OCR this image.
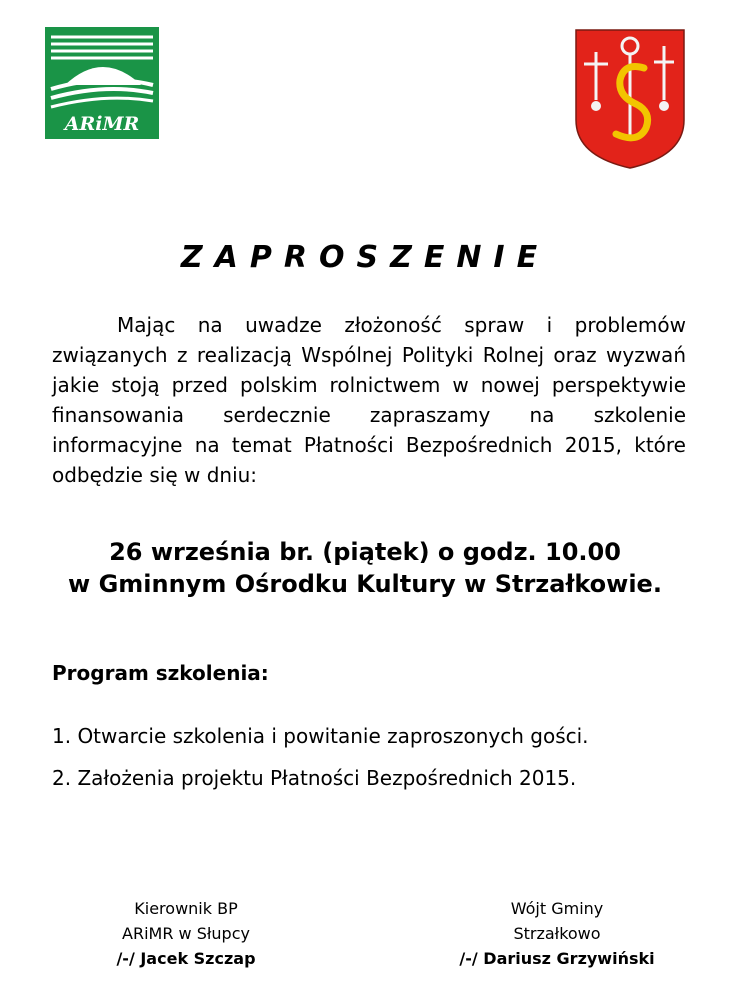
ARiMR
ZAPROSZENIE

Mając na uwadze złożoność spraw i problemów związanych z realizacją Wspólnej Polityki Rolnej oraz wyzwań jakie stoją przed polskim rolnictwem w nowej perspektywie finansowania serdecznie zapraszamy na szkolenie informacyjne na temat Płatności Bezpośrednich 2015, które odbędzie się w dniu:

26 września br. (piątek) o godz. 10.00
w Gminnym Ośrodku Kultury w Strzałkowie.

Program szkolenia:

1. Otwarcie szkolenia i powitanie zaproszonych gości.
2. Założenia projektu Płatności Bezpośrednich 2015.
Kierownik BP
ARiMR w Słupcy
/-/ Jacek Szczap
Wójt Gminy
Strzałkowo
/-/ Dariusz Grzywiński
